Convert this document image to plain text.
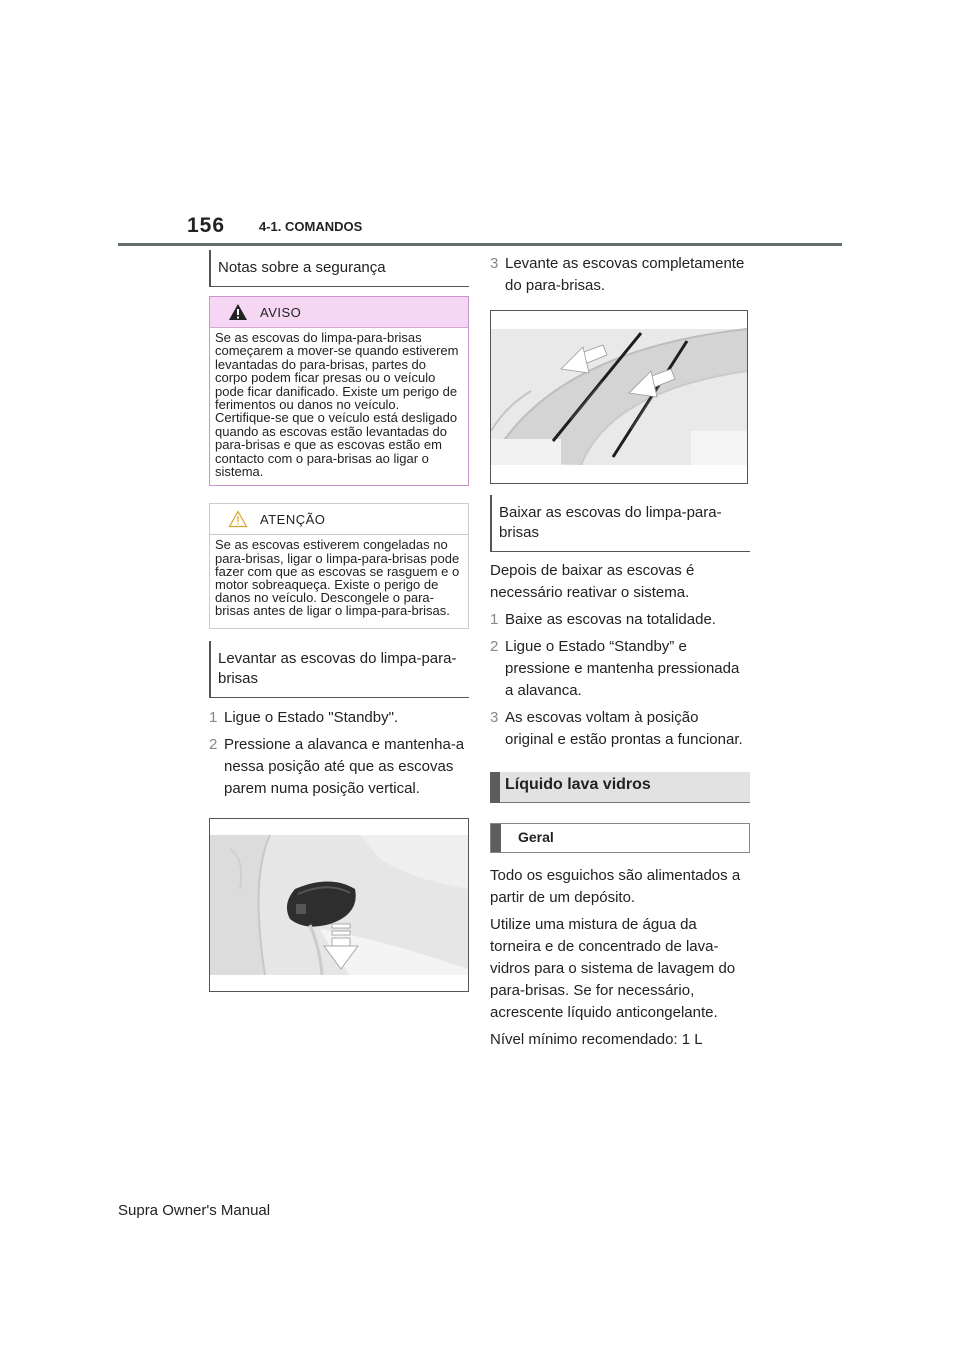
156	4-1. COMANDOS
Notas sobre a segurança
AVISO
Se as escovas do limpa-para-brisas começarem a mover-se quando estiverem levantadas do para-brisas, partes do corpo podem ficar presas ou o veículo pode ficar danificado. Existe um perigo de ferimentos ou danos no veículo. Certifique-se que o veículo está desligado quando as escovas estão levantadas do para-brisas e que as escovas estão em contacto com o para-brisas ao ligar o sistema.
ATENÇÃO
Se as escovas estiverem congeladas no para-brisas, ligar o limpa-para-brisas pode fazer com que as escovas se rasguem e o motor sobreaqueça. Existe o perigo de danos no veículo. Descongele o para-brisas antes de ligar o limpa-para-brisas.
Levantar as escovas do limpa-para-brisas
1 Ligue o Estado "Standby".
2 Pressione a alavanca e mantenha-a nessa posição até que as escovas parem numa posição vertical.
3 Levante as escovas completamente do para-brisas.
Baixar as escovas do limpa-para-brisas
Depois de baixar as escovas é necessário reativar o sistema.
1 Baixe as escovas na totalidade.
2 Ligue o Estado “Standby” e pressione e mantenha pressionada a alavanca.
3 As escovas voltam à posição original e estão prontas a funcionar.
Líquido lava vidros
Geral
Todo os esguichos são alimentados a partir de um depósito.
Utilize uma mistura de água da torneira e de concentrado de lava-vidros para o sistema de lavagem do para-brisas. Se for necessário, acrescente líquido anticongelante.
Nível mínimo recomendado: 1 L
Supra Owner's Manual
